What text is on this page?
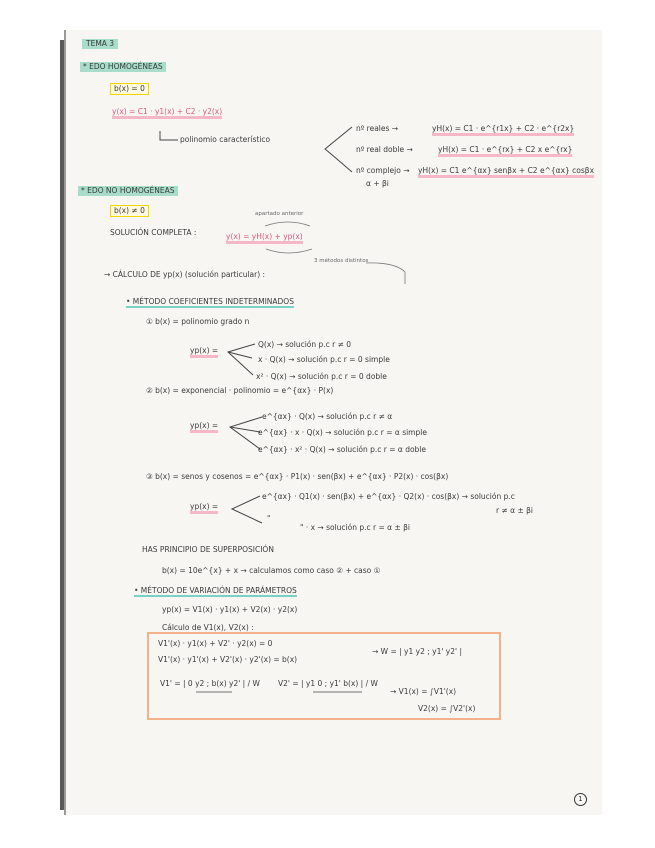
TEMA 3
* EDO HOMOGÉNEAS
b(x) = 0
y(x) = C1 · y1(x) + C2 · y2(x)
polinomio característico
nº reales →	yH(x) = C1 · e^{r1x} + C2 · e^{r2x}
nº real doble →	yH(x) = C1 · e^{rx} + C2 x e^{rx}
nº complejo → yH(x) = C1 e^{αx} senβx + C2 e^{αx} cosβx
α + βi
* EDO NO HOMOGÉNEAS
b(x) ≠ 0	apartado anterior
SOLUCIÓN COMPLETA :	y(x) = yH(x) + yp(x)
3 métodos distintos
→ CÁLCULO DE yp(x) (solución particular) :
• MÉTODO COEFICIENTES INDETERMINADOS
① b(x) = polinomio grado n
yp(x) =
Q(x) → solución p.c r ≠ 0
x · Q(x) → solución p.c r = 0 simple
x² · Q(x) → solución p.c r = 0 doble
② b(x) = exponencial · polinomio = e^{αx} · P(x)
yp(x) =
e^{αx} · Q(x) → solución p.c r ≠ α
e^{αx} · x · Q(x) → solución p.c r = α simple
e^{αx} · x² · Q(x) → solución p.c r = α doble
③ b(x) = senos y cosenos = e^{αx} · P1(x) · sen(βx) + e^{αx} · P2(x) · cos(βx)
yp(x) =
e^{αx} · Q1(x) · sen(βx) + e^{αx} · Q2(x) · cos(βx) → solución p.c
r ≠ α ± βi
"
" · x → solución p.c r = α ± βi
HAS PRINCIPIO DE SUPERPOSICIÓN
b(x) = 10e^{x} + x → calculamos como caso ② + caso ①
• MÉTODO DE VARIACIÓN DE PARÁMETROS
yp(x) = V1(x) · y1(x) + V2(x) · y2(x)
Cálculo de V1(x), V2(x) :
V1'(x) · y1(x) + V2' · y2(x) = 0
V1'(x) · y1'(x) + V2'(x) · y2'(x) = b(x)
→ W = | y1 y2 ; y1' y2' |
V1' = | 0 y2 ; b(x) y2' | / W V2' = | y1 0 ; y1' b(x) | / W
→ V1(x) = ∫V1'(x)
V2(x) = ∫V2'(x)
1
